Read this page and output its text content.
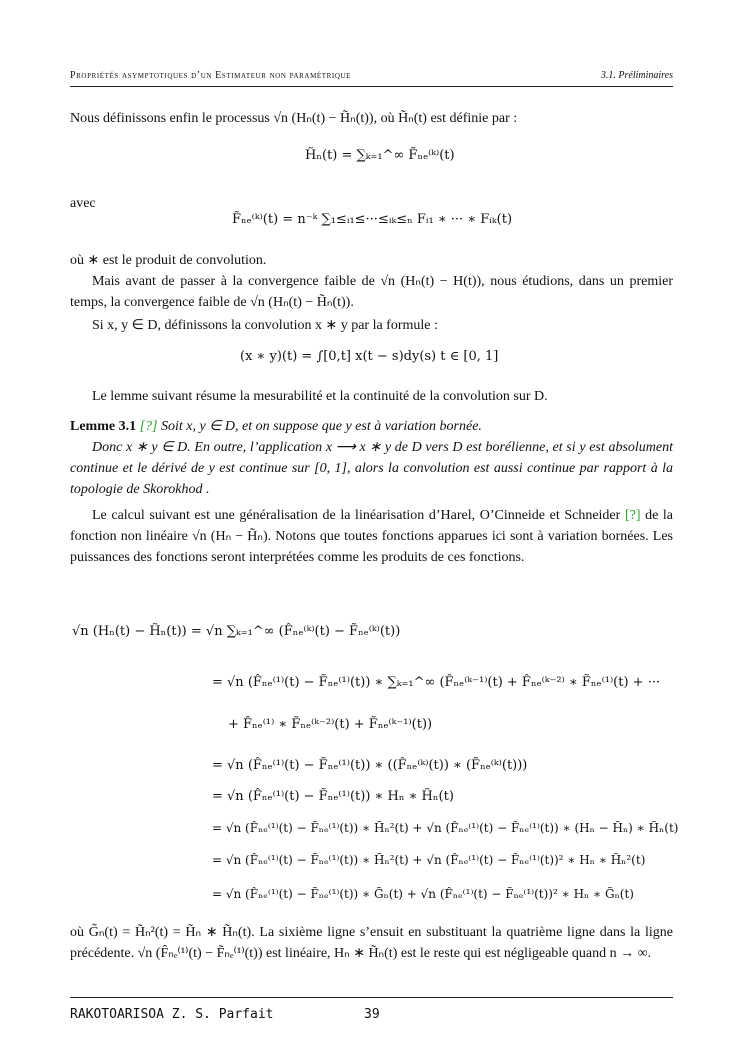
Propriétés asymptotiques d’un Estimateur non paramétrique	3.1. Préliminaires
Nous définissons enfin le processus √n (Hₙ(t) − H̃ₙ(t)), où H̃ₙ(t) est définie par :
H̃ₙ(t) = ∑ₖ₌₁^∞ F̃ₙₑ⁽ᵏ⁾(t)
avec
F̃ₙₑ⁽ᵏ⁾(t) = n⁻ᵏ ∑₁≤ᵢ₁≤···≤ᵢₖ≤ₙ Fᵢ₁ ∗ ··· ∗ Fᵢₖ(t)
où ∗ est le produit de convolution.
Mais avant de passer à la convergence faible de √n (Hₙ(t) − H(t)), nous étudions, dans un premier temps, la convergence faible de √n (Hₙ(t) − H̃ₙ(t)).
Si x, y ∈ D, définissons la convolution x ∗ y par la formule :
(x ∗ y)(t) = ∫[0,t] x(t − s)dy(s) t ∈ [0, 1]
Le lemme suivant résume la mesurabilité et la continuité de la convolution sur D.
Lemme 3.1 [?] Soit x, y ∈ D, et on suppose que y est à variation bornée.
Donc x ∗ y ∈ D. En outre, l’application x ⟶ x ∗ y de D vers D est borélienne, et si y est absolument continue et le dérivé de y est continue sur [0, 1], alors la convolution est aussi continue par rapport à la topologie de Skorokhod .
Le calcul suivant est une généralisation de la linéarisation d’Harel, O’Cinneide et Schneider [?] de la fonction non linéaire √n (Hₙ − H̃ₙ). Notons que toutes fonctions apparues ici sont à variation bornées. Les puissances des fonctions seront interprétées comme les produits de ces fonctions.
√n (Hₙ(t) − H̃ₙ(t)) = √n ∑ₖ₌₁^∞ (F̂ₙₑ⁽ᵏ⁾(t) − F̃ₙₑ⁽ᵏ⁾(t))
= √n (F̂ₙₑ⁽¹⁾(t) − F̃ₙₑ⁽¹⁾(t)) ∗ ∑ₖ₌₁^∞ (F̂ₙₑ⁽ᵏ⁻¹⁾(t) + F̂ₙₑ⁽ᵏ⁻²⁾ ∗ F̃ₙₑ⁽¹⁾(t) + ···
+ F̂ₙₑ⁽¹⁾ ∗ F̃ₙₑ⁽ᵏ⁻²⁾(t) + F̃ₙₑ⁽ᵏ⁻¹⁾(t))
= √n (F̂ₙₑ⁽¹⁾(t) − F̃ₙₑ⁽¹⁾(t)) ∗ ((F̂ₙₑ⁽ᵏ⁾(t)) ∗ (F̃ₙₑ⁽ᵏ⁾(t)))
= √n (F̂ₙₑ⁽¹⁾(t) − F̃ₙₑ⁽¹⁾(t)) ∗ Hₙ ∗ H̃ₙ(t)
= √n (F̂ₙₑ⁽¹⁾(t) − F̃ₙₑ⁽¹⁾(t)) ∗ H̃ₙ²(t) + √n (F̂ₙₑ⁽¹⁾(t) − F̃ₙₑ⁽¹⁾(t)) ∗ (Hₙ − H̃ₙ) ∗ H̃ₙ(t)
= √n (F̂ₙₑ⁽¹⁾(t) − F̃ₙₑ⁽¹⁾(t)) ∗ H̃ₙ²(t) + √n (F̂ₙₑ⁽¹⁾(t) − F̃ₙₑ⁽¹⁾(t))² ∗ Hₙ ∗ H̃ₙ²(t)
= √n (F̂ₙₑ⁽¹⁾(t) − F̃ₙₑ⁽¹⁾(t)) ∗ G̃ₙ(t) + √n (F̂ₙₑ⁽¹⁾(t) − F̃ₙₑ⁽¹⁾(t))² ∗ Hₙ ∗ G̃ₙ(t)
où G̃ₙ(t) = H̃ₙ²(t) = H̃ₙ ∗ H̃ₙ(t). La sixième ligne s’ensuit en substituant la quatrième ligne dans la ligne précédente. √n (F̂ₙₑ⁽¹⁾(t) − F̃ₙₑ⁽¹⁾(t)) est linéaire, Hₙ ∗ H̃ₙ(t) est le reste qui est négligeable quand n → ∞.
RAKOTOARISOA Z. S. Parfait	39
